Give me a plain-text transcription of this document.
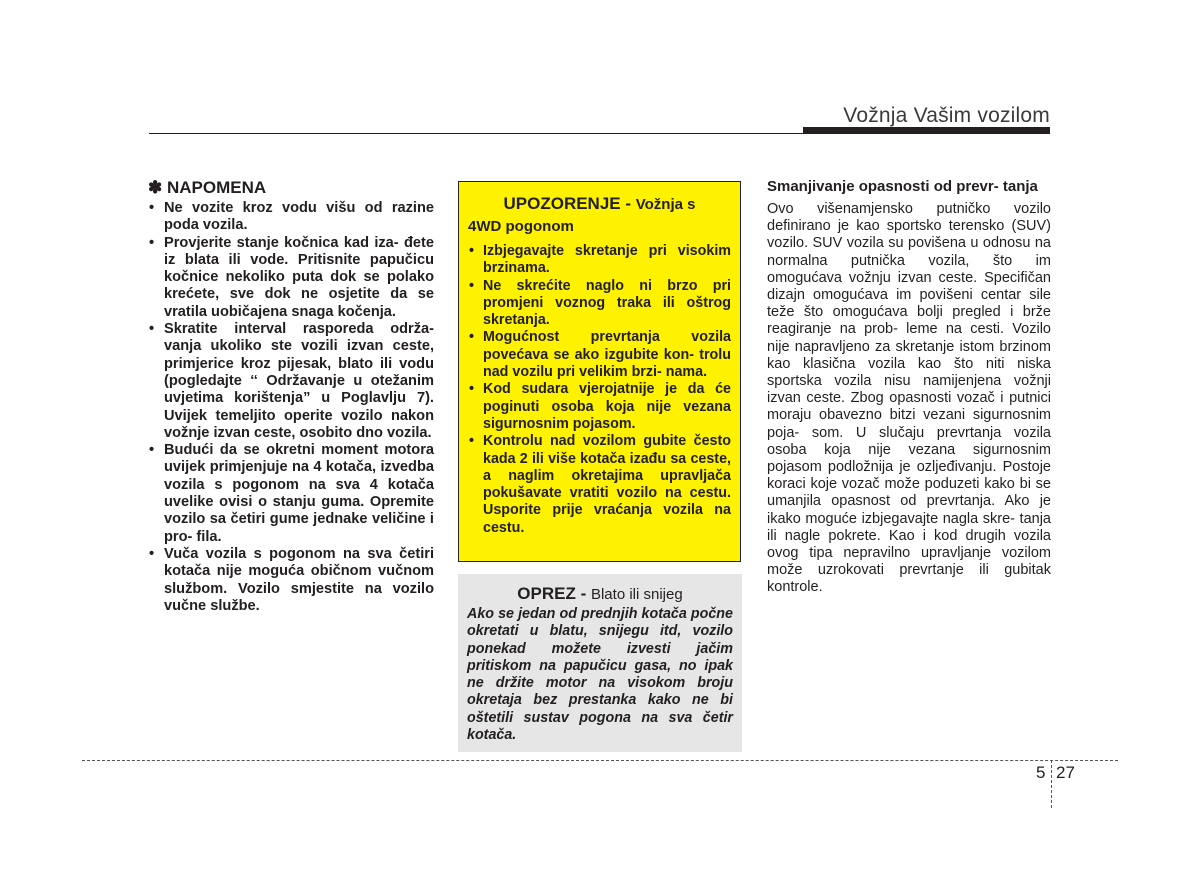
Vožnja Vašim vozilom
✽ NAPOMENA
• Ne vozite kroz vodu višu od razine poda vozila.
• Provjerite stanje kočnica kad iza- đete iz blata ili vode. Pritisnite papučicu kočnice nekoliko puta dok se polako krećete, sve dok ne osjetite da se vratila uobičajena snaga kočenja.
• Skratite interval rasporeda održa- vanja ukoliko ste vozili izvan ceste, primjerice kroz pijesak, blato ili vodu (pogledajte ‘‘ Održavanje u otežanim uvjetima korištenja” u Poglavlju 7). Uvijek temeljito operite vozilo nakon vožnje izvan ceste, osobito dno vozila.
• Budući da se okretni moment motora uvijek primjenjuje na 4 kotača, izvedba vozila s pogonom na sva 4 kotača uvelike ovisi o stanju guma. Opremite vozilo sa četiri gume jednake veličine i pro- fila.
• Vuča vozila s pogonom na sva četiri kotača nije moguća običnom vučnom službom. Vozilo smjestite na vozilo vučne službe.
UPOZORENJE - Vožnja s
4WD pogonom
• Izbjegavajte skretanje pri visokim brzinama.
• Ne skrećite naglo ni brzo pri promjeni voznog traka ili oštrog skretanja.
• Mogućnost prevrtanja vozila povećava se ako izgubite kon- trolu nad vozilu pri velikim brzi- nama.
• Kod sudara vjerojatnije je da će poginuti osoba koja nije vezana sigurnosnim pojasom.
• Kontrolu nad vozilom gubite često kada 2 ili više kotača izađu sa ceste, a naglim okretajima upravljača pokušavate vratiti vozilo na cestu. Usporite prije vraćanja vozila na cestu.
OPREZ - Blato ili snijeg

Ako se jedan od prednjih kotača počne okretati u blatu, snijegu itd, vozilo ponekad možete izvesti jačim pritiskom na papučicu gasa, no ipak ne držite motor na visokom broju okretaja bez prestanka kako ne bi oštetili sustav pogona na sva četir kotača.

Smanjivanje opasnosti od prevr- tanja

Ovo višenamjensko putničko vozilo definirano je kao sportsko terensko (SUV) vozilo. SUV vozila su povišena u odnosu na normalna putnička vozila, što im omogućava vožnju izvan ceste. Specifičan dizajn omogućava im povišeni centar sile teže što omogućava bolji pregled i brže reagiranje na prob- leme na cesti. Vozilo nije napravljeno za skretanje istom brzinom kao klasična vozila kao što niti niska sportska vozila nisu namijenjena vožnji izvan ceste. Zbog opasnosti vozač i putnici moraju obavezno bitzi vezani sigurnosnim poja- som. U slučaju prevrtanja vozila osoba koja nije vezana sigurnosnim pojasom podložnija je ozljeđivanju. Postoje koraci koje vozač može poduzeti kako bi se umanjila opasnost od prevrtanja. Ako je ikako moguće izbjegavajte nagla skre- tanja ili nagle pokrete. Kao i kod drugih vozila ovog tipa nepravilno upravljanje vozilom može uzrokovati prevrtanje ili gubitak kontrole.

5 27
